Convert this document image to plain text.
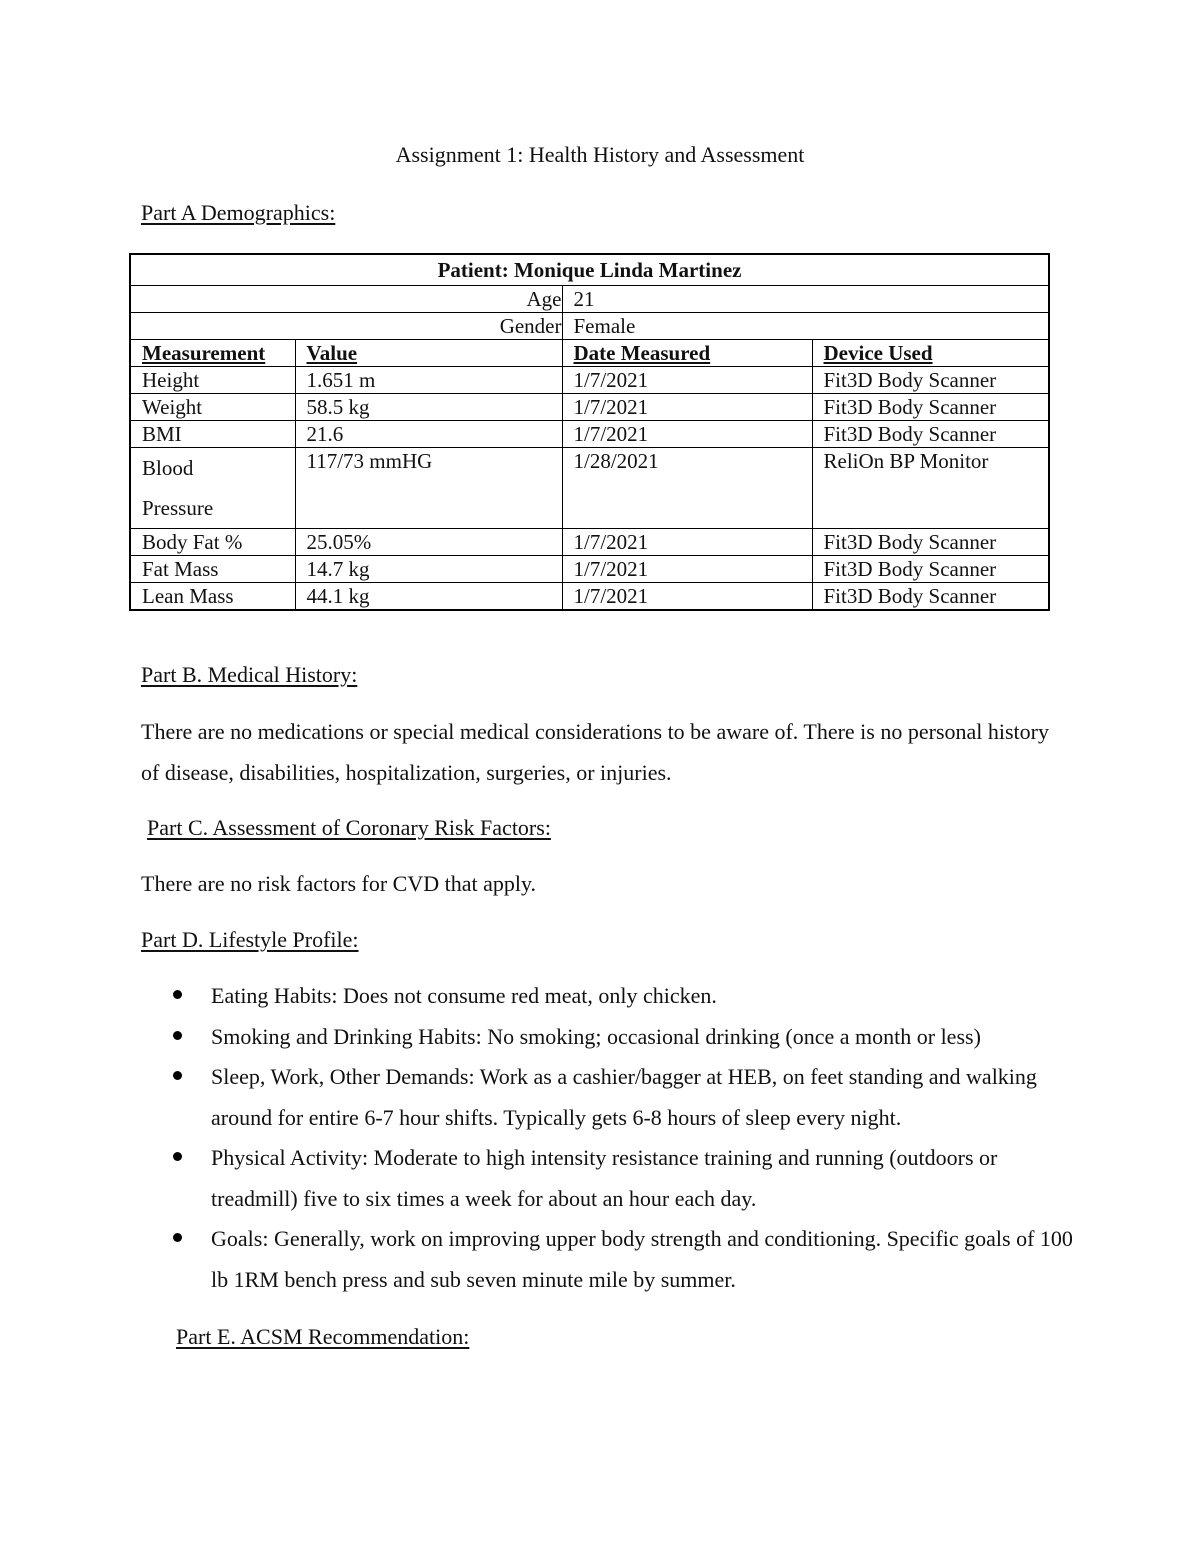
Assignment 1: Health History and Assessment
Part A Demographics:
Patient: Monique Linda Martinez			
Age		21	
Gender		Female	
Measurement	Value	Date Measured	Device Used
Height	1.651 m	1/7/2021	Fit3D Body Scanner
Weight	58.5 kg	1/7/2021	Fit3D Body Scanner
BMI	21.6	1/7/2021	Fit3D Body Scanner

Blood
Pressure	117/73 mmHG	1/28/2021	ReliOn BP Monitor
Body Fat %	25.05%	1/7/2021	Fit3D Body Scanner
Fat Mass	14.7 kg	1/7/2021	Fit3D Body Scanner
Lean Mass	44.1 kg	1/7/2021	Fit3D Body Scanner
Part B. Medical History:

There are no medications or special medical considerations to be aware of. There is no personal history of disease, disabilities, hospitalization, surgeries, or injuries.

Part C. Assessment of Coronary Risk Factors:

There are no risk factors for CVD that apply.

Part D. Lifestyle Profile:
Eating Habits: Does not consume red meat, only chicken.
Smoking and Drinking Habits: No smoking; occasional drinking (once a month or less)
Sleep, Work, Other Demands: Work as a cashier/bagger at HEB, on feet standing and walking around for entire 6-7 hour shifts. Typically gets 6-8 hours of sleep every night.
Physical Activity: Moderate to high intensity resistance training and running (outdoors or treadmill) five to six times a week for about an hour each day.
Goals: Generally, work on improving upper body strength and conditioning. Specific goals of 100 lb 1RM bench press and sub seven minute mile by summer.
Part E. ACSM Recommendation:
